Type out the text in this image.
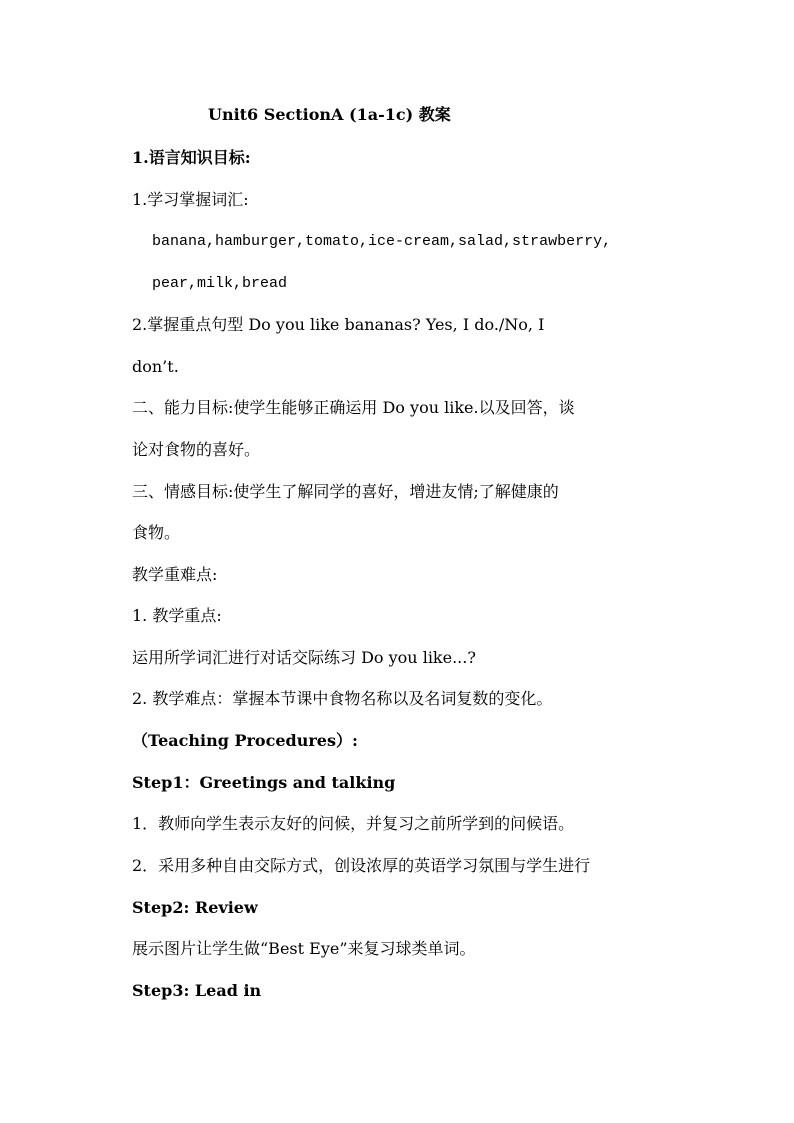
Unit6 SectionA (1a-1c) 教案
1.语言知识目标:
1.学习掌握词汇:
banana,hamburger,tomato,ice-cream,salad,strawberry,
pear,milk,bread
2.掌握重点句型 Do you like bananas? Yes, I do./No, I
don’t.
二、能力目标:使学生能够正确运用 Do you like.以及回答，谈
论对食物的喜好。
三、情感目标:使学生了解同学的喜好，增进友情;了解健康的
食物。
教学重难点:
1. 教学重点:
运用所学词汇进行对话交际练习 Do you like...?
2. 教学难点：掌握本节课中食物名称以及名词复数的变化。
（Teaching Procedures）:
Step1：Greetings and talking
1．教师向学生表示友好的问候，并复习之前所学到的问候语。
2．采用多种自由交际方式，创设浓厚的英语学习氛围与学生进行
Step2: Review
展示图片让学生做“Best Eye”来复习球类单词。
Step3: Lead in
